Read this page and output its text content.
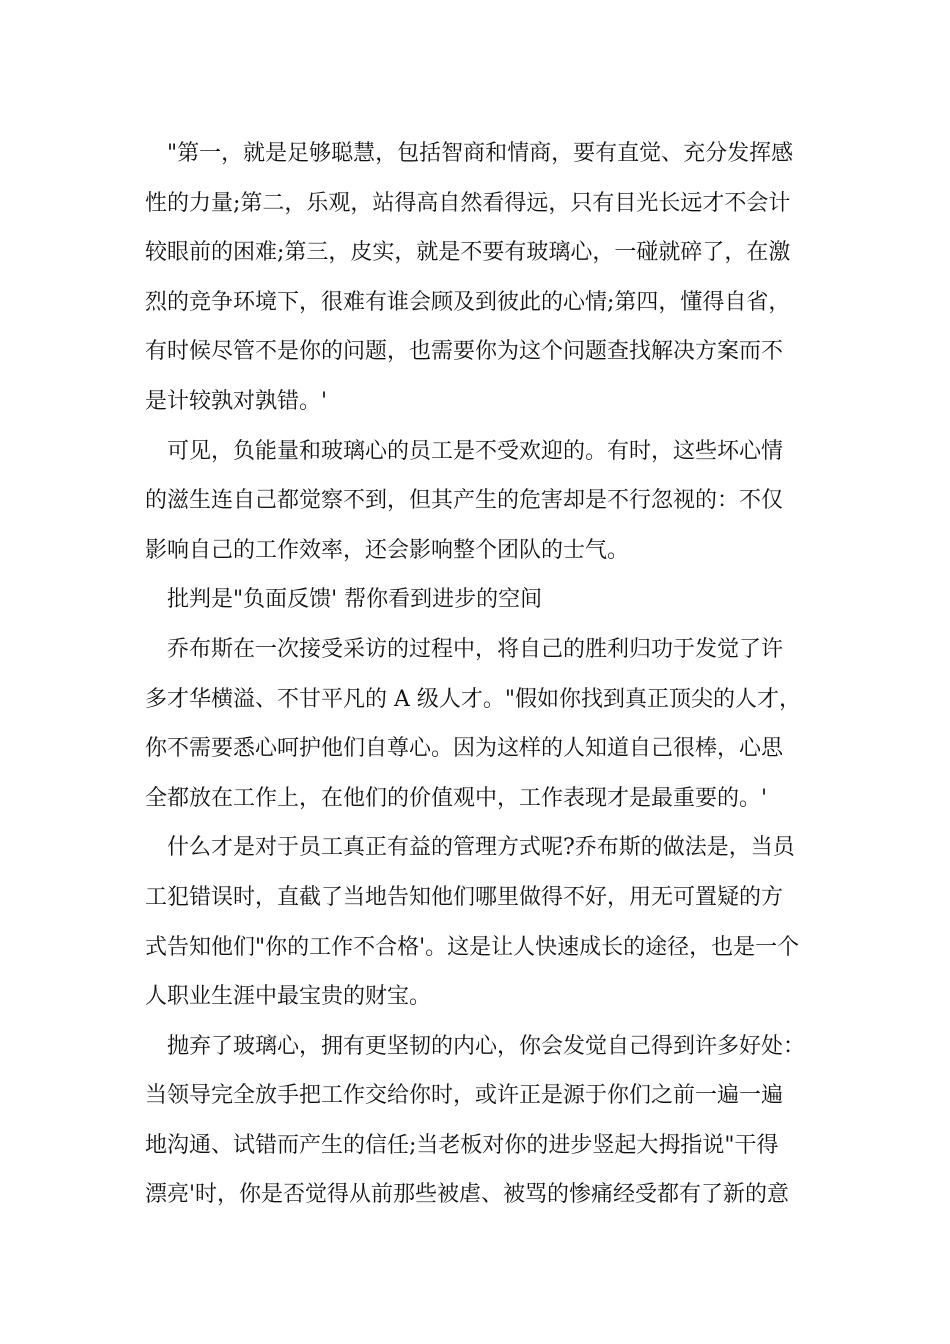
"第一，就是足够聪慧，包括智商和情商，要有直觉、充分发挥感
性的力量;第二，乐观，站得高自然看得远，只有目光长远才不会计
较眼前的困难;第三，皮实，就是不要有玻璃心，一碰就碎了，在激
烈的竞争环境下，很难有谁会顾及到彼此的心情;第四，懂得自省，
有时候尽管不是你的问题，也需要你为这个问题查找解决方案而不
是计较孰对孰错。'
可见，负能量和玻璃心的员工是不受欢迎的。有时，这些坏心情
的滋生连自己都觉察不到，但其产生的危害却是不行忽视的：不仅
影响自己的工作效率，还会影响整个团队的士气。
批判是"负面反馈' 帮你看到进步的空间
乔布斯在一次接受采访的过程中，将自己的胜利归功于发觉了许
多才华横溢、不甘平凡的 A 级人才。"假如你找到真正顶尖的人才，
你不需要悉心呵护他们自尊心。因为这样的人知道自己很棒，心思
全都放在工作上，在他们的价值观中，工作表现才是最重要的。'
什么才是对于员工真正有益的管理方式呢?乔布斯的做法是，当员
工犯错误时，直截了当地告知他们哪里做得不好，用无可置疑的方
式告知他们"你的工作不合格'。这是让人快速成长的途径，也是一个
人职业生涯中最宝贵的财宝。
抛弃了玻璃心，拥有更坚韧的内心，你会发觉自己得到许多好处：
当领导完全放手把工作交给你时，或许正是源于你们之前一遍一遍
地沟通、试错而产生的信任;当老板对你的进步竖起大拇指说"干得
漂亮'时，你是否觉得从前那些被虐、被骂的惨痛经受都有了新的意
